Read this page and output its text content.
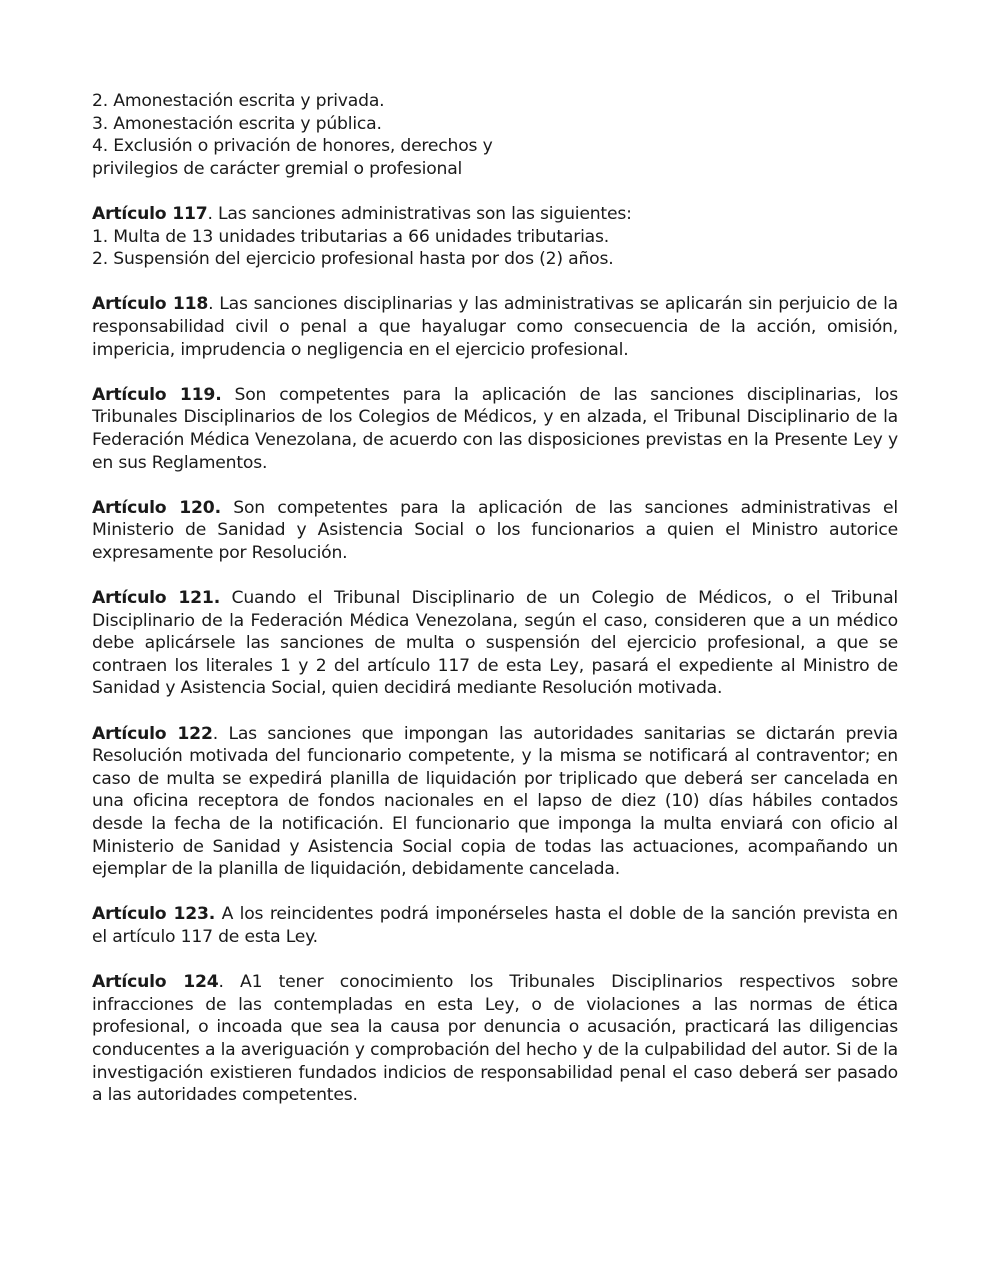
2. Amonestación escrita y privada.
3. Amonestación escrita y pública.
4. Exclusión o privación de honores, derechos y
privilegios de carácter gremial o profesional
Artículo 117. Las sanciones administrativas son las siguientes:
1. Multa de 13 unidades tributarias a 66 unidades tributarias.
2. Suspensión del ejercicio profesional hasta por dos (2) años.
Artículo 118. Las sanciones disciplinarias y las administrativas se aplicarán sin perjuicio de la responsabilidad civil o penal a que hayalugar como consecuencia de la acción, omisión, impericia, imprudencia o negligencia en el ejercicio profesional.
Artículo 119. Son competentes para la aplicación de las sanciones disciplinarias, los Tribunales Disciplinarios de los Colegios de Médicos, y en alzada, el Tribunal Disciplinario de la Federación Médica Venezolana, de acuerdo con las disposiciones previstas en la Presente Ley y en sus Reglamentos.
Artículo 120. Son competentes para la aplicación de las sanciones administrativas el Ministerio de Sanidad y Asistencia Social o los funcionarios a quien el Ministro autorice expresamente por Resolución.
Artículo 121. Cuando el Tribunal Disciplinario de un Colegio de Médicos, o el Tribunal Disciplinario de la Federación Médica Venezolana, según el caso, consideren que a un médico debe aplicársele las sanciones de multa o suspensión del ejercicio profesional, a que se contraen los literales 1 y 2 del artículo 117 de esta Ley, pasará el expediente al Ministro de Sanidad y Asistencia Social, quien decidirá mediante Resolución motivada.
Artículo 122. Las sanciones que impongan las autoridades sanitarias se dictarán previa Resolución motivada del funcionario competente, y la misma se notificará al contraventor; en caso de multa se expedirá planilla de liquidación por triplicado que deberá ser cancelada en una oficina receptora de fondos nacionales en el lapso de diez (10) días hábiles contados desde la fecha de la notificación. El funcionario que imponga la multa enviará con oficio al Ministerio de Sanidad y Asistencia Social copia de todas las actuaciones, acompañando un ejemplar de la planilla de liquidación, debidamente cancelada.
Artículo 123. A los reincidentes podrá imponérseles hasta el doble de la sanción prevista en el artículo 117 de esta Ley.
Artículo 124. A1 tener conocimiento los Tribunales Disciplinarios respectivos sobre infracciones de las contempladas en esta Ley, o de violaciones a las normas de ética profesional, o incoada que sea la causa por denuncia o acusación, practicará las diligencias conducentes a la averiguación y comprobación del hecho y de la culpabilidad del autor. Si de la investigación existieren fundados indicios de responsabilidad penal el caso deberá ser pasado a las autoridades competentes.
